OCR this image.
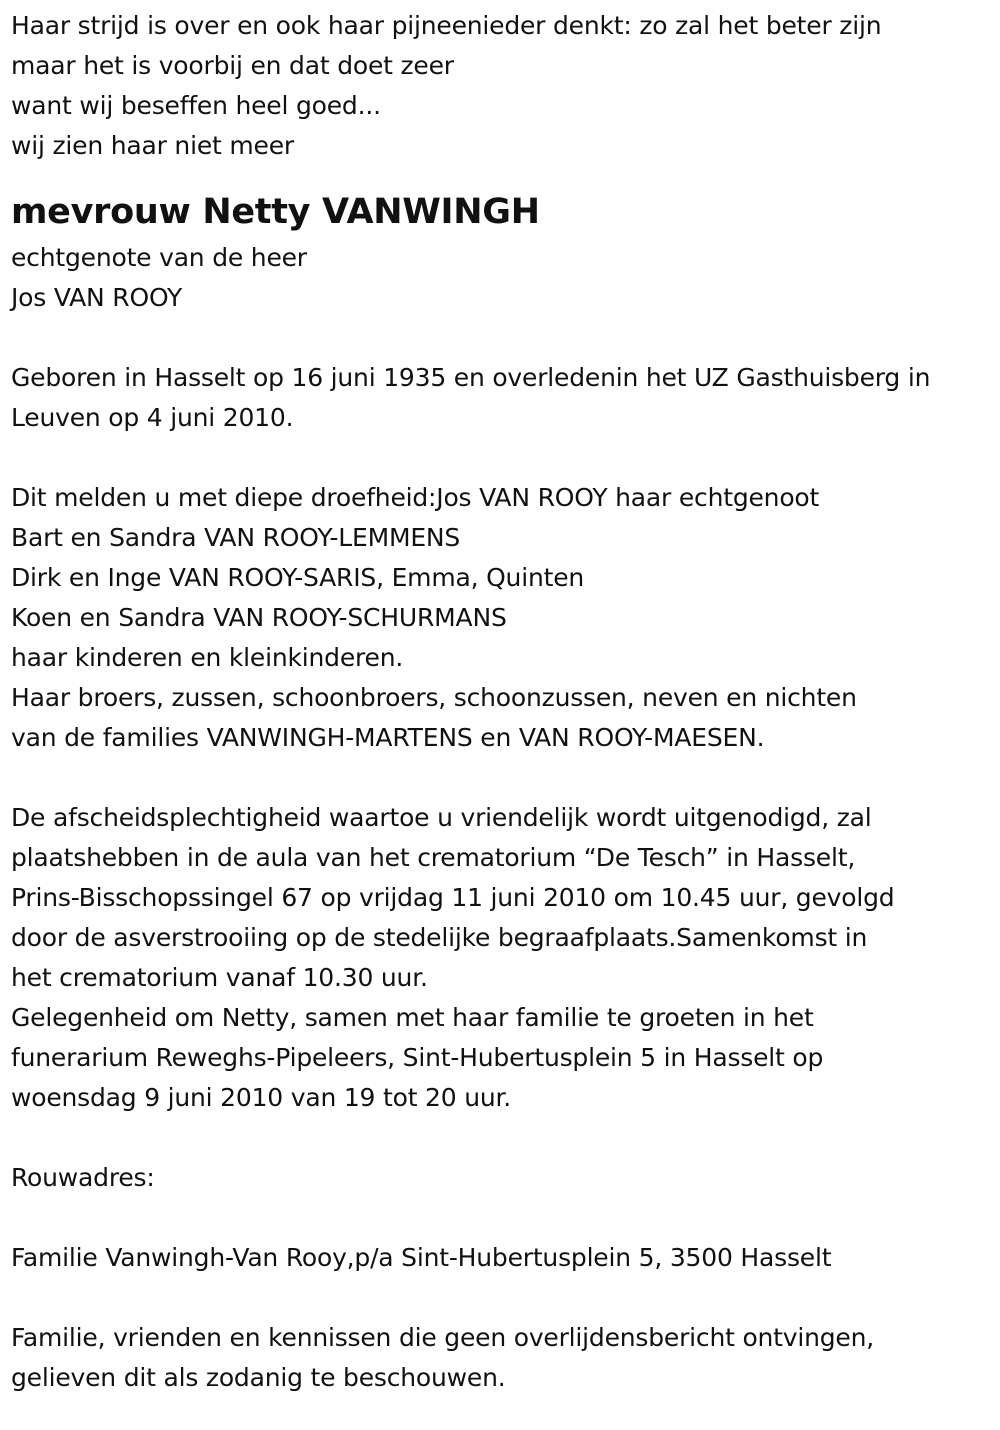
Haar strijd is over en ook haar pijneenieder denkt: zo zal het beter zijn
maar het is voorbij en dat doet zeer
want wij beseffen heel goed...
wij zien haar niet meer
mevrouw Netty VANWINGH
echtgenote van de heer
Jos VAN ROOY
Geboren in Hasselt op 16 juni 1935 en overledenin het UZ Gasthuisberg in
Leuven op 4 juni 2010.
Dit melden u met diepe droefheid:Jos VAN ROOY haar echtgenoot
Bart en Sandra VAN ROOY-LEMMENS
Dirk en Inge VAN ROOY-SARIS, Emma, Quinten
Koen en Sandra VAN ROOY-SCHURMANS
haar kinderen en kleinkinderen.
Haar broers, zussen, schoonbroers, schoonzussen, neven en nichten
van de families VANWINGH-MARTENS en VAN ROOY-MAESEN.
De afscheidsplechtigheid waartoe u vriendelijk wordt uitgenodigd, zal
plaatshebben in de aula van het crematorium “De Tesch” in Hasselt,
Prins-Bisschopssingel 67 op vrijdag 11 juni 2010 om 10.45 uur, gevolgd
door de asverstrooiing op de stedelijke begraafplaats.Samenkomst in
het crematorium vanaf 10.30 uur.
Gelegenheid om Netty, samen met haar familie te groeten in het
funerarium Reweghs-Pipeleers, Sint-Hubertusplein 5 in Hasselt op
woensdag 9 juni 2010 van 19 tot 20 uur.
Rouwadres:
Familie Vanwingh-Van Rooy,p/a Sint-Hubertusplein 5, 3500 Hasselt
Familie, vrienden en kennissen die geen overlijdensbericht ontvingen,
gelieven dit als zodanig te beschouwen.
